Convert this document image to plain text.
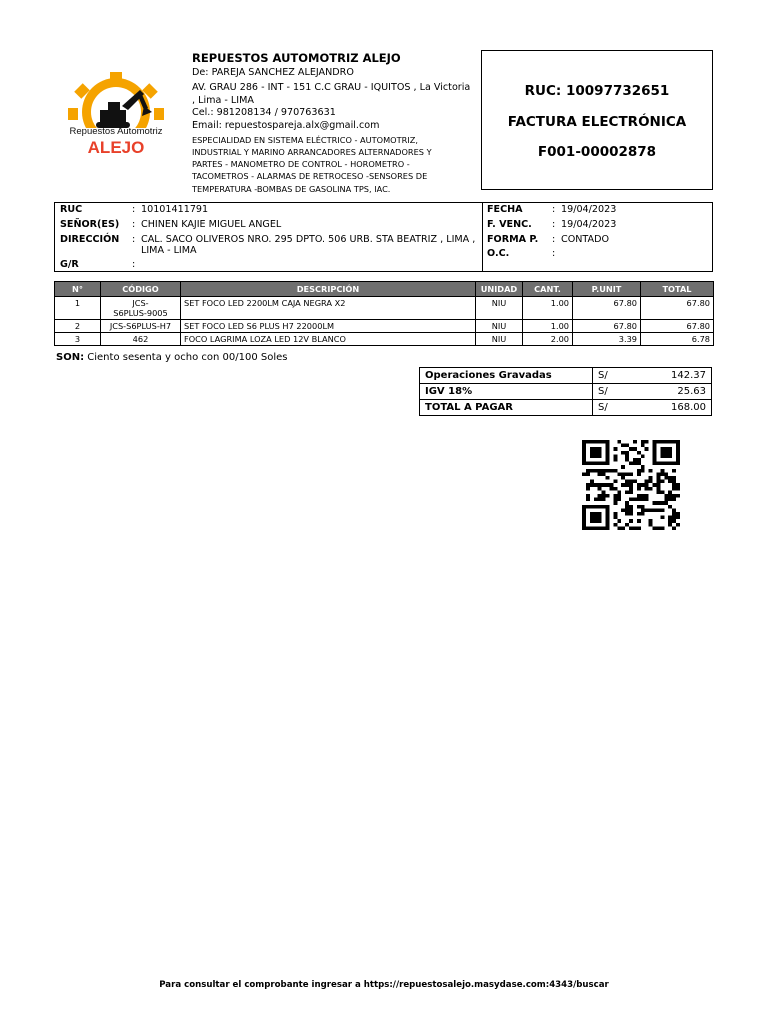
Repuestos Automotriz
ALEJO
REPUESTOS AUTOMOTRIZ ALEJO
De: PAREJA SANCHEZ ALEJANDRO
AV. GRAU 286 - INT - 151 C.C GRAU - IQUITOS , La Victoria
, Lima - LIMA
Cel.: 981208134 / 970763631
Email: repuestospareja.alx@gmail.com
ESPECIALIDAD EN SISTEMA ELÉCTRICO - AUTOMOTRIZ,
INDUSTRIAL Y MARINO ARRANCADORES ALTERNADORES Y
PARTES - MANOMETRO DE CONTROL - HOROMETRO -
TACOMETROS - ALARMAS DE RETROCESO -SENSORES DE
TEMPERATURA -BOMBAS DE GASOLINA TPS, IAC.
RUC: 10097732651
FACTURA ELECTRÓNICA
F001-00002878
RUC	: 10101411791
SEÑOR(ES) : CHINEN KAJIE MIGUEL ANGEL
DIRECCIÓN : CAL. SACO OLIVEROS NRO. 295 DPTO. 506 URB. STA BEATRIZ , LIMA ,
LIMA - LIMA
G/R	:
FECHA	: 19/04/2023
F. VENC. : 19/04/2023
FORMA P. : CONTADO
O.C.	:
N°	CÓDIGO	DESCRIPCIÓN	UNIDAD	CANT.	P.UNIT	TOTAL
1	JCS-
S6PLUS-9005	SET FOCO LED 2200LM CAJA NEGRA X2	NIU	1.00	67.80	67.80
2	JCS-S6PLUS-H7	SET FOCO LED S6 PLUS H7 22000LM	NIU	1.00	67.80	67.80
3	462	FOCO LAGRIMA LOZA LED 12V BLANCO	NIU	2.00	3.39	6.78
SON: Ciento sesenta y ocho con 00/100 Soles
Operaciones Gravadas	S/	142.37
IGV 18%	S/	25.63
TOTAL A PAGAR	S/	168.00
Para consultar el comprobante ingresar a https://repuestosalejo.masydase.com:4343/buscar
